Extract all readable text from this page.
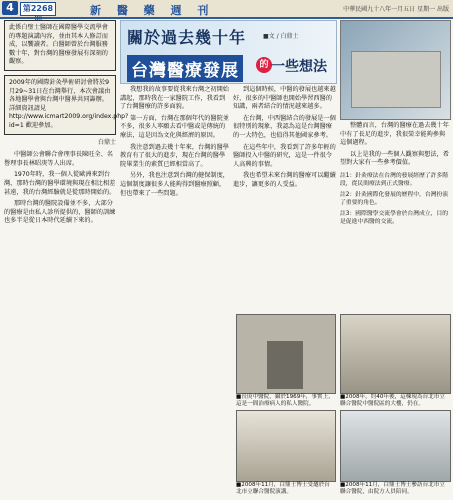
4	第2268	新 醫 藥 週 刊	中華民國九十八年一月五日 星期一 出版
此係白璧士醫師在國際醫學交流學會的專題演講內容，並由其本人修訂而成，以饗讀者。白醫師曾於台灣服務數十年，對台灣的醫療發展有深刻的觀察。
2009年的國際針灸學術研討會將於9月29~31日在台灣舉行，本次會議由各地醫學會與台灣中醫界共同籌辦。詳細資訊請見 http://www.icmart2009.org/index.php?id=1 歡迎參加。
白鼎士

中醫師公會聯合會理事長陳旺全、名譽理事長林昭庚等人出席。

1970年時，我一個人從歐洲來到台灣，那時台灣的醫學環境與現在相比相差甚遠，我的台灣經驗就是從那時開始的。

那時台灣的醫院設備並不多，大部分的醫療是由私人診所提供的，醫師的訓練也多半是從日本時代延續下來的。

關於過去幾十年	■文 / 白鼎士
台灣醫療發展	的 一些想法

我想我的故事要從我來台灣之初開始講起，那時我在一家醫院工作，我看到了台灣醫療的許多面貌。

第一方面，台灣在那個年代的醫院並不多，很多人寧願去看中醫或是傳統的療法，這是因為文化與經濟的原因。

我注意到過去幾十年來，台灣的醫學教育有了很大的進步，現在台灣的醫學院畢業生的素質已經相當高了。

另外，我也注意到台灣的健保制度，這個制度讓很多人能夠得到醫療照顧，但也帶來了一些問題。

到這個時候，中醫的發展也越來越好，很多的中醫師也開始學習西醫的知識，兩者結合的情況越來越多。

在台灣，中西醫結合的發展是一個很特別的現象，我認為這是台灣醫療的一大特色，也值得其他國家參考。

在這些年中，我看到了許多年輕的醫師投入中醫的研究，這是一件很令人高興的事情。

我也希望未來台灣的醫療可以繼續進步，讓更多的人受益。

整體而言，台灣的醫療在過去幾十年中有了長足的進步，我很榮幸能夠參與這個過程。

以上是我的一些個人觀察與想法，希望對大家有一些參考價值。

註1：針灸療法在台灣的發展經歷了許多階段，從民間療法到正式醫療。
註2：針灸國際化發展的歷程中，台灣扮演了重要的角色。
註3：國際醫學交流學會於台灣成立，目的是促進中西醫的交流。
■長庚中醫院，攝於1969年，事實上，這是一間治療病人的私人醫院。
■2008年，約40年後，這棟現為台北市立聯合醫院中醫院區的大樓，仍在。
■2008年11月，白鼎士博士受邀於台北市立聯合醫院演講。
■2008年11月，白鼎士博士參訪台北市立聯合醫院，由院方人員陪同。
